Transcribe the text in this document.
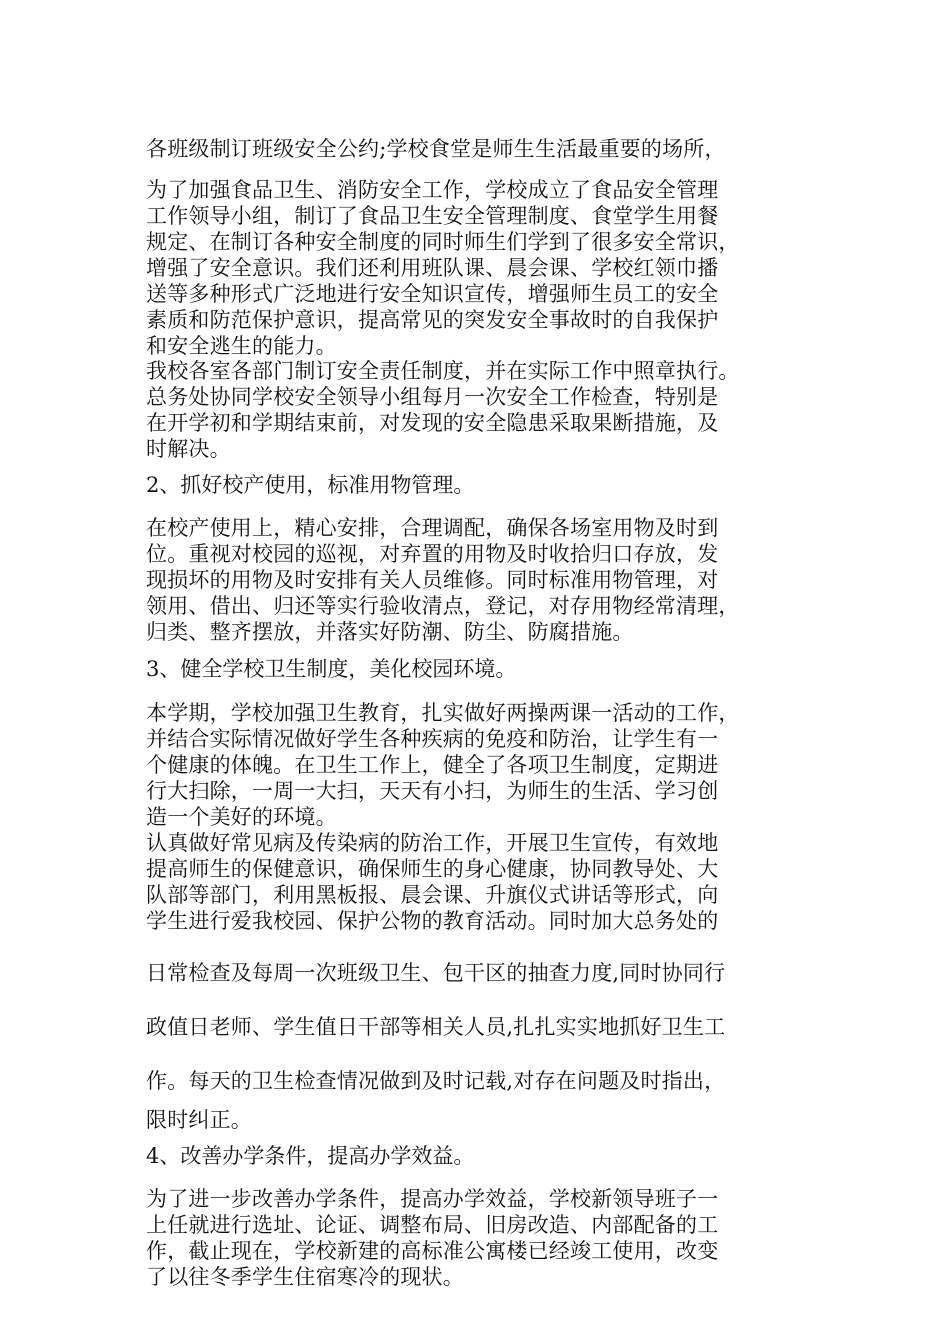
各班级制订班级安全公约;学校食堂是师生生活最重要的场所，
为了加强食品卫生、消防安全工作，学校成立了食品安全管理
工作领导小组，制订了食品卫生安全管理制度、食堂学生用餐
规定、在制订各种安全制度的同时师生们学到了很多安全常识，
增强了安全意识。我们还利用班队课、晨会课、学校红领巾播
送等多种形式广泛地进行安全知识宣传，增强师生员工的安全
素质和防范保护意识，提高常见的突发安全事故时的自我保护
和安全逃生的能力。
我校各室各部门制订安全责任制度，并在实际工作中照章执行。
总务处协同学校安全领导小组每月一次安全工作检查，特别是
在开学初和学期结束前，对发现的安全隐患采取果断措施，及
时解决。
2、抓好校产使用，标准用物管理。
在校产使用上，精心安排，合理调配，确保各场室用物及时到
位。重视对校园的巡视，对弃置的用物及时收拾归口存放，发
现损坏的用物及时安排有关人员维修。同时标准用物管理，对
领用、借出、归还等实行验收清点，登记，对存用物经常清理，
归类、整齐摆放，并落实好防潮、防尘、防腐措施。
3、健全学校卫生制度，美化校园环境。
本学期，学校加强卫生教育，扎实做好两操两课一活动的工作，
并结合实际情况做好学生各种疾病的免疫和防治，让学生有一
个健康的体魄。在卫生工作上，健全了各项卫生制度，定期进
行大扫除，一周一大扫，天天有小扫，为师生的生活、学习创
造一个美好的环境。
认真做好常见病及传染病的防治工作，开展卫生宣传，有效地
提高师生的保健意识，确保师生的身心健康，协同教导处、大
队部等部门，利用黑板报、晨会课、升旗仪式讲话等形式，向
学生进行爱我校园、保护公物的教育活动。同时加大总务处的
日常检查及每周一次班级卫生、包干区的抽查力度,同时协同行
政值日老师、学生值日干部等相关人员,扎扎实实地抓好卫生工
作。每天的卫生检查情况做到及时记载,对存在问题及时指出，
限时纠正。
4、改善办学条件，提高办学效益。
为了进一步改善办学条件，提高办学效益，学校新领导班子一
上任就进行选址、论证、调整布局、旧房改造、内部配备的工
作，截止现在，学校新建的高标准公寓楼已经竣工使用，改变
了以往冬季学生住宿寒冷的现状。
